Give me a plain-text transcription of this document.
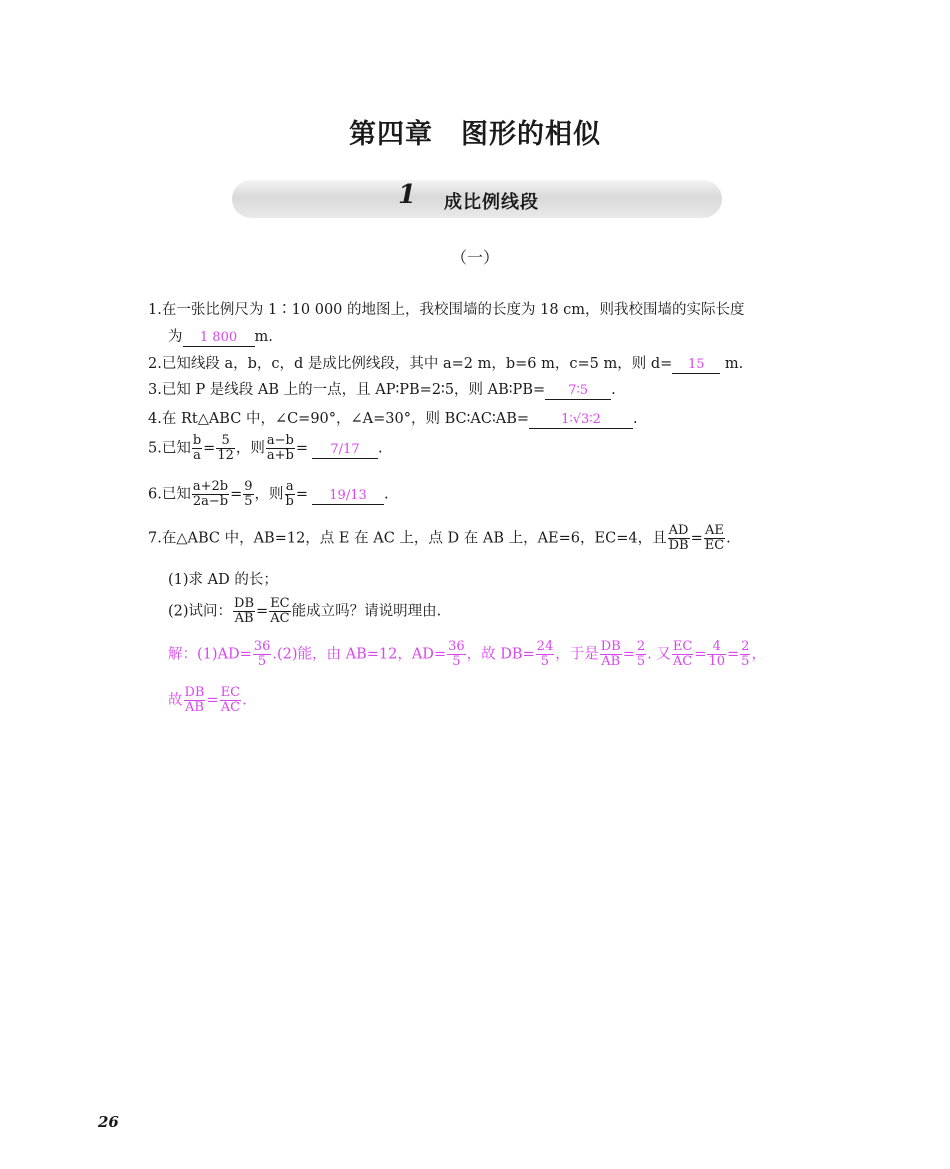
第四章 图形的相似
1 成比例线段
（一）
1.在一张比例尺为 1∶10 000 的地图上，我校围墙的长度为 18 cm，则我校围墙的实际长度
为 1 800 m.
2.已知线段 a，b，c，d 是成比例线段，其中 a=2 m，b=6 m，c=5 m，则 d= 15 m.
3.已知 P 是线段 AB 上的一点，且 AP∶PB=2∶5，则 AB∶PB= 7∶5 .
4.在 Rt△ABC 中，∠C=90°，∠A=30°，则 BC∶AC∶AB= 1∶√3∶2 .
5.已知 $\frac{b}{a} = \frac{5}{12}$ ，则 $\frac{a-b}{a+b} = 7/17$ .
6.已知 $\frac{a+2b}{2a-b} = \frac{9}{5}$ ，则 $\frac{a}{b} = 19/13$ .
7.在△ABC 中，AB=12，点 E 在 AC 上，点 D 在 AB 上，AE=6，EC=4，且 $\frac{AD}{DB} = \frac{AE}{EC}$ .
(1)求 AD 的长；
(2)试问： $\frac{DB}{AB} = \frac{EC}{AC}$ 能成立吗？请说明理由.
解：$(1)AD= \frac{36}{5} .(2)$能，由 AB=12，$AD= \frac{36}{5}$ ，故 $DB= \frac{24}{5}$ ，于是 $\frac{DB}{AB} = \frac{2}{5}$ . 又 $\frac{EC}{AC} = \frac{4}{10} = \frac{2}{5}$ ，
故 $\frac{DB}{AB} = \frac{EC}{AC}$ .
26
